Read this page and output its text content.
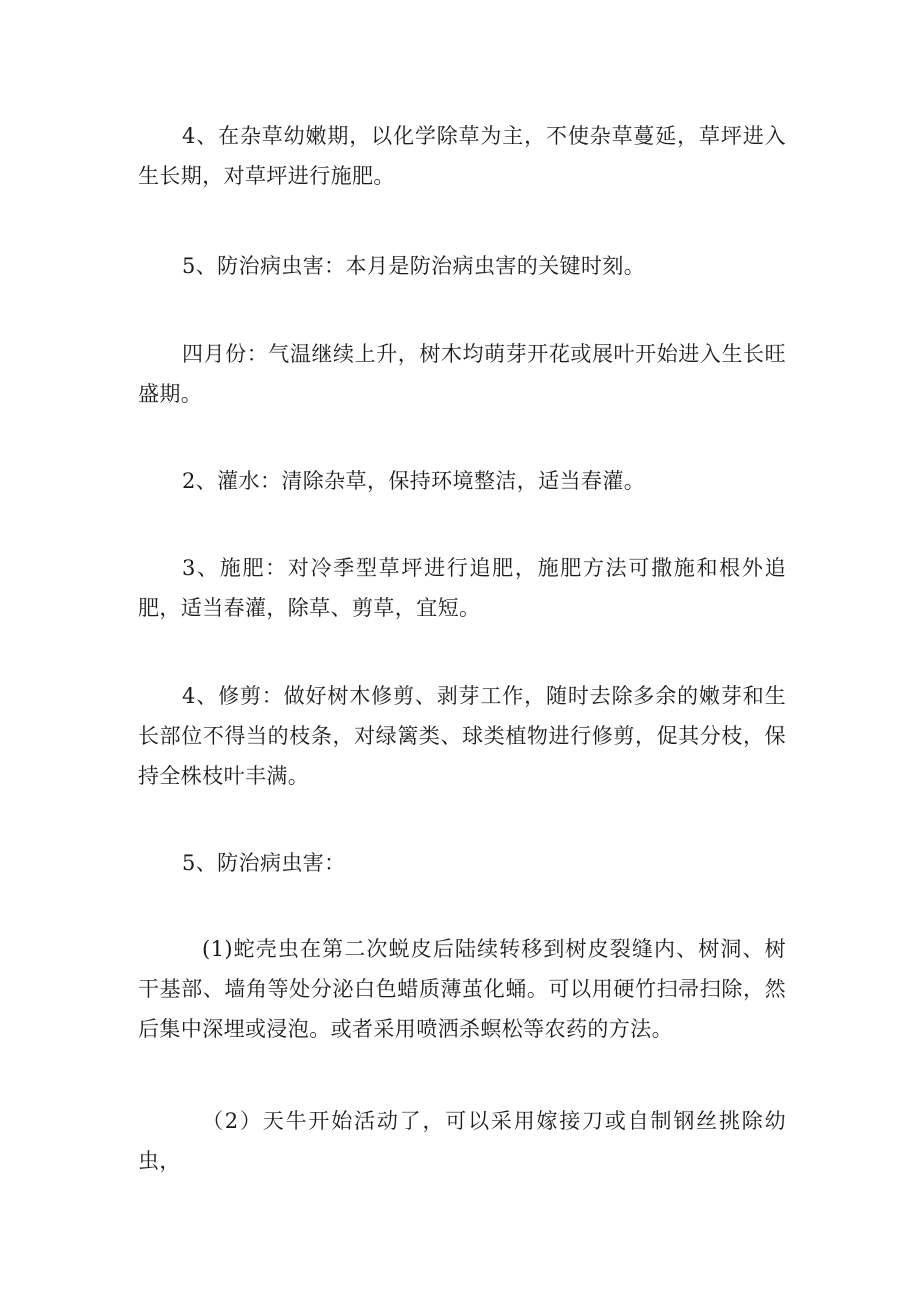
4、在杂草幼嫩期，以化学除草为主，不使杂草蔓延，草坪进入生长期，对草坪进行施肥。

5、防治病虫害：本月是防治病虫害的关键时刻。

四月份：气温继续上升，树木均萌芽开花或展叶开始进入生长旺盛期。

2、灌水：清除杂草，保持环境整洁，适当春灌。

3、施肥：对冷季型草坪进行追肥，施肥方法可撒施和根外追肥，适当春灌，除草、剪草，宜短。

4、修剪：做好树木修剪、剥芽工作，随时去除多余的嫩芽和生长部位不得当的枝条，对绿篱类、球类植物进行修剪，促其分枝，保持全株枝叶丰满。

5、防治病虫害：

(1)蛇壳虫在第二次蜕皮后陆续转移到树皮裂缝内、树洞、树干基部、墙角等处分泌白色蜡质薄茧化蛹。可以用硬竹扫帚扫除，然后集中深埋或浸泡。或者采用喷洒杀螟松等农药的方法。

（2）天牛开始活动了，可以采用嫁接刀或自制钢丝挑除幼虫，
